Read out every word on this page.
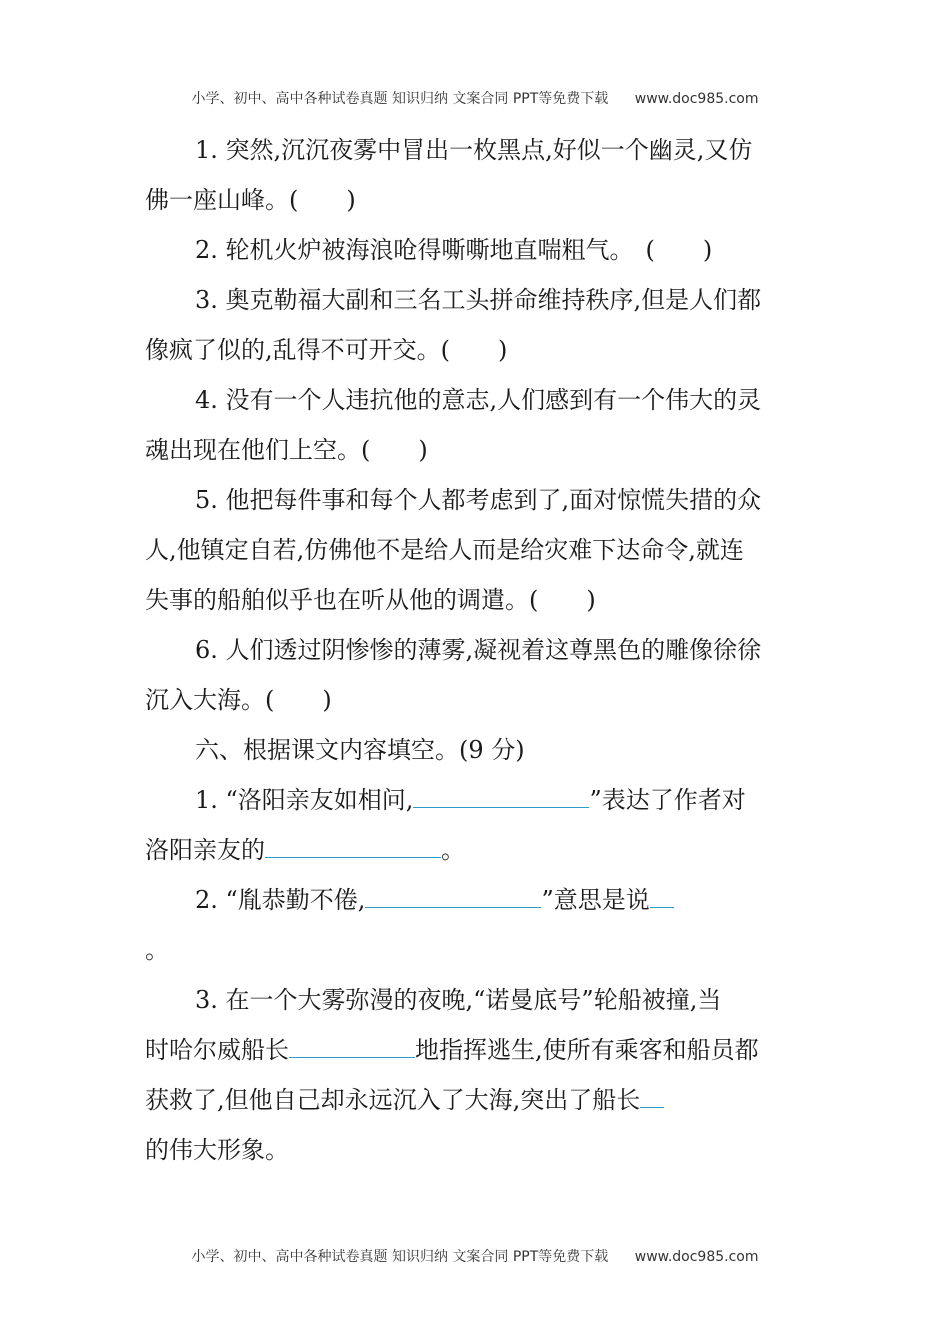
小学、初中、高中各种试卷真题 知识归纳 文案合同 PPT等免费下载 www.doc985.com

1. 突然,沉沉夜雾中冒出一枚黑点,好似一个幽灵,又仿

佛一座山峰。(　　)

2. 轮机火炉被海浪呛得嘶嘶地直喘粗气。　(　　)

3. 奥克勒福大副和三名工头拼命维持秩序,但是人们都

像疯了似的,乱得不可开交。(　　)

4. 没有一个人违抗他的意志,人们感到有一个伟大的灵

魂出现在他们上空。(　　)

5. 他把每件事和每个人都考虑到了,面对惊慌失措的众

人,他镇定自若,仿佛他不是给人而是给灾难下达命令,就连

失事的船舶似乎也在听从他的调遣。(　　)

6. 人们透过阴惨惨的薄雾,凝视着这尊黑色的雕像徐徐

沉入大海。(　　)

六、根据课文内容填空。(9 分)

1. “洛阳亲友如相问,	”表达了作者对

洛阳亲友的	。

2. “胤恭勤不倦,	”意思是说

。

3. 在一个大雾弥漫的夜晚,“诺曼底号”轮船被撞,当

时哈尔威船长	地指挥逃生,使所有乘客和船员都

获救了,但他自己却永远沉入了大海,突出了船长

的伟大形象。

小学、初中、高中各种试卷真题 知识归纳 文案合同 PPT等免费下载 www.doc985.com
